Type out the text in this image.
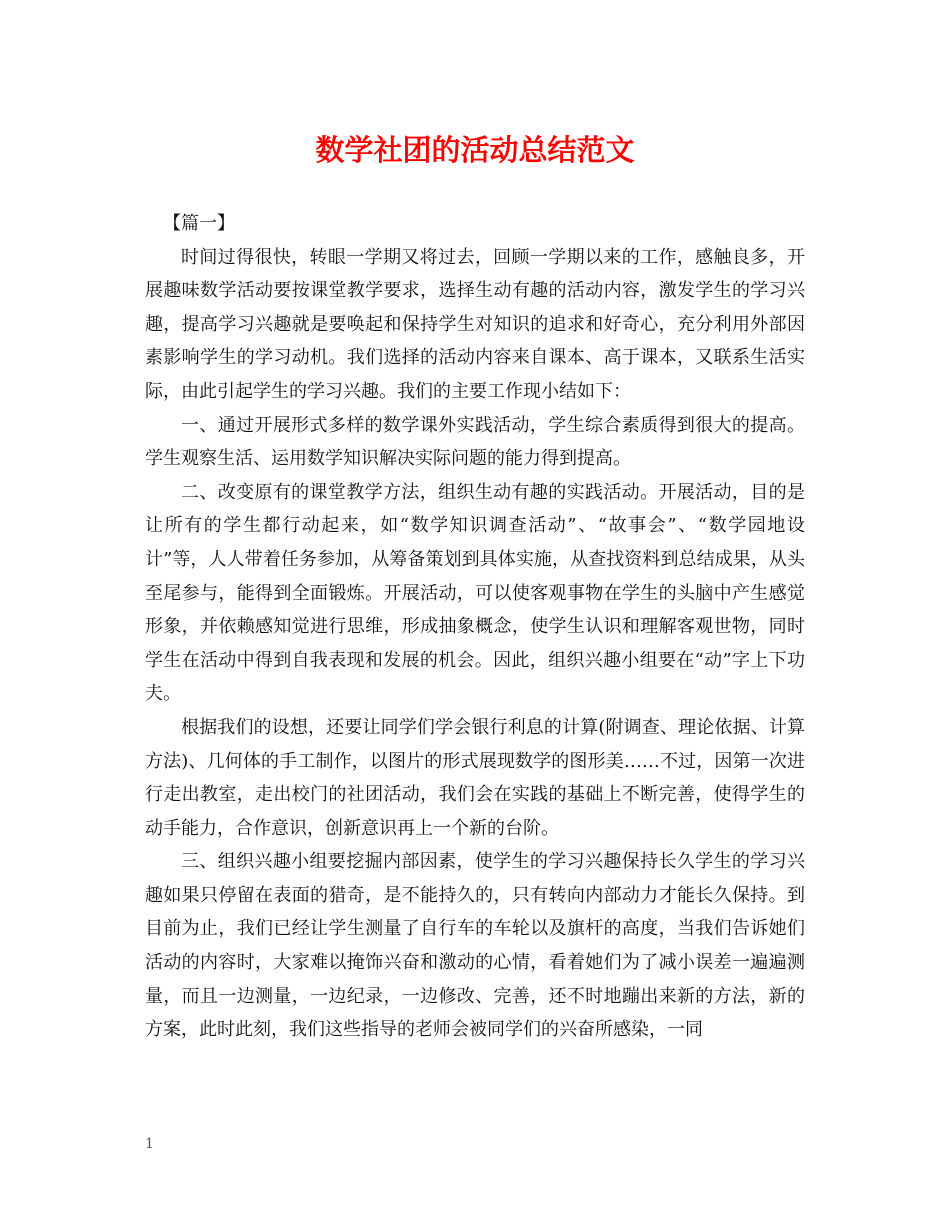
数学社团的活动总结范文

【篇一】

时间过得很快，转眼一学期又将过去，回顾一学期以来的工作，感触良多，开展趣味数学活动要按课堂教学要求，选择生动有趣的活动内容，激发学生的学习兴趣，提高学习兴趣就是要唤起和保持学生对知识的追求和好奇心，充分利用外部因素影响学生的学习动机。我们选择的活动内容来自课本、高于课本，又联系生活实际，由此引起学生的学习兴趣。我们的主要工作现小结如下：

一、通过开展形式多样的数学课外实践活动，学生综合素质得到很大的提高。学生观察生活、运用数学知识解决实际问题的能力得到提高。

二、改变原有的课堂教学方法，组织生动有趣的实践活动。开展活动，目的是让所有的学生都行动起来，如“数学知识调查活动”、“故事会”、“数学园地设计”等，人人带着任务参加，从筹备策划到具体实施，从查找资料到总结成果，从头至尾参与，能得到全面锻炼。开展活动，可以使客观事物在学生的头脑中产生感觉形象，并依赖感知觉进行思维，形成抽象概念，使学生认识和理解客观世物，同时学生在活动中得到自我表现和发展的机会。因此，组织兴趣小组要在“动”字上下功夫。

根据我们的设想，还要让同学们学会银行利息的计算(附调查、理论依据、计算方法)、几何体的手工制作，以图片的形式展现数学的图形美……不过，因第一次进行走出教室，走出校门的社团活动，我们会在实践的基础上不断完善，使得学生的动手能力，合作意识，创新意识再上一个新的台阶。

三、组织兴趣小组要挖掘内部因素，使学生的学习兴趣保持长久学生的学习兴趣如果只停留在表面的猎奇，是不能持久的，只有转向内部动力才能长久保持。到目前为止，我们已经让学生测量了自行车的车轮以及旗杆的高度，当我们告诉她们活动的内容时，大家难以掩饰兴奋和激动的心情，看着她们为了减小误差一遍遍测量，而且一边测量，一边纪录，一边修改、完善，还不时地蹦出来新的方法，新的方案，此时此刻，我们这些指导的老师会被同学们的兴奋所感染，一同

1
